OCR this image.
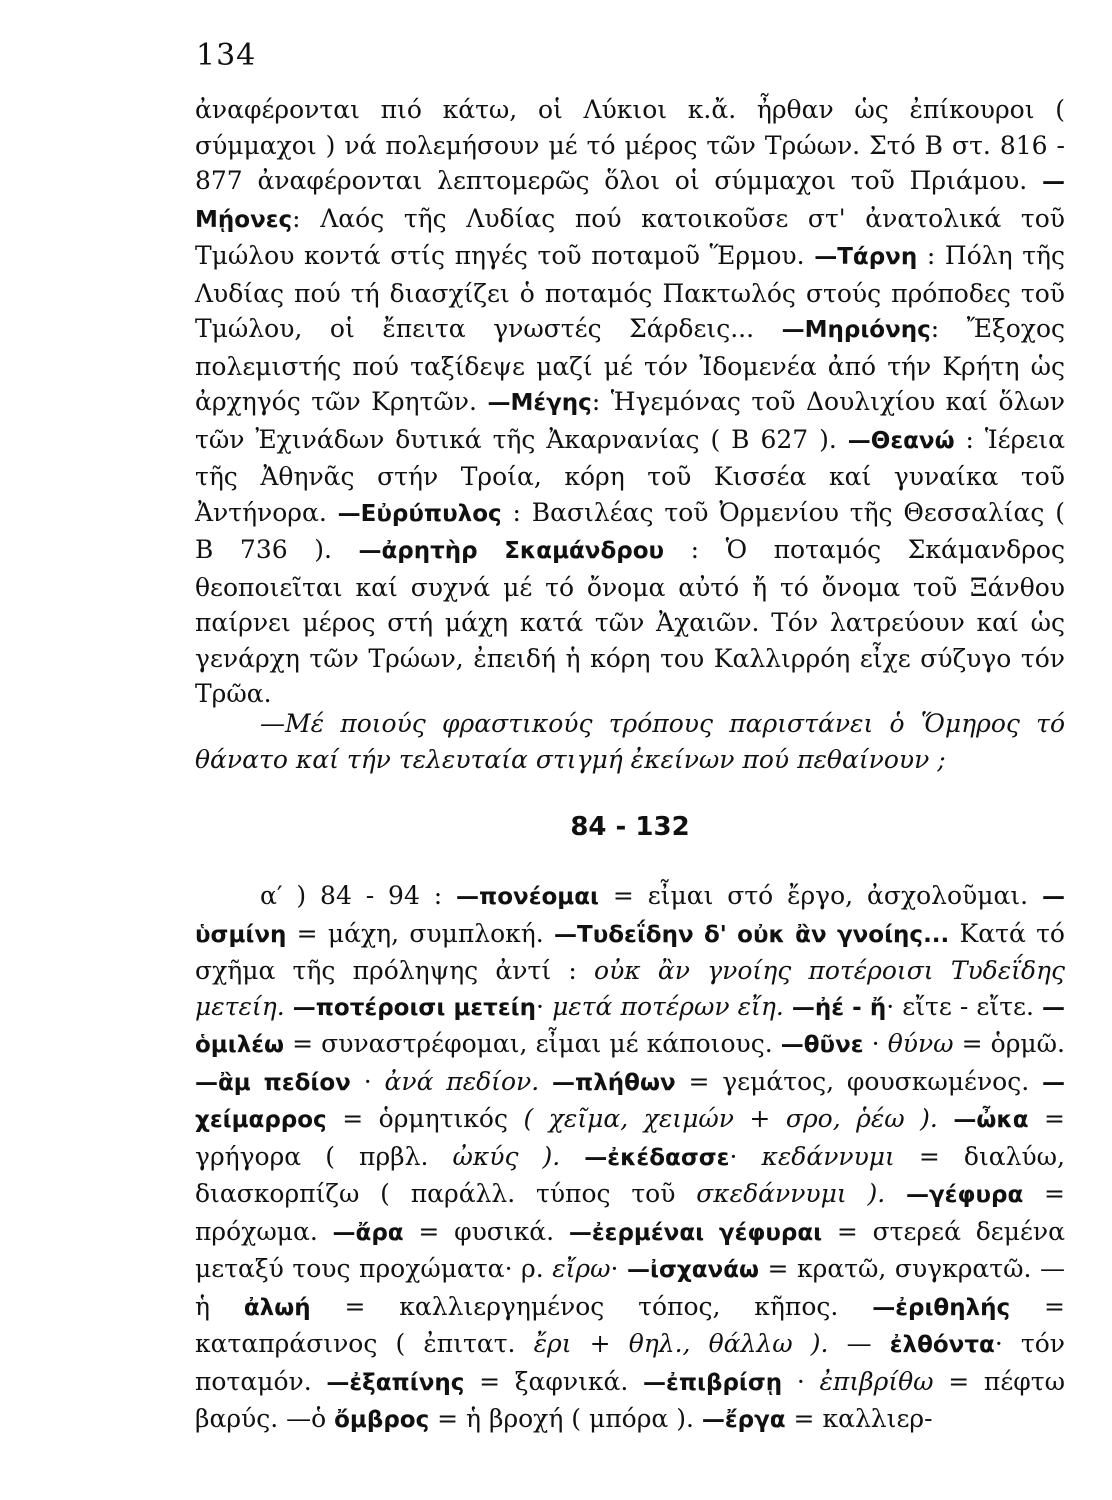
134

ἀναφέρονται πιό κάτω, οἱ Λύκιοι κ.ἄ. ἦρθαν ὡς ἐπίκουροι ( σύμμαχοι ) νά πολεμήσουν μέ τό μέρος τῶν Τρώων. Στό Β στ. 816 - 877 ἀναφέρονται λεπτομερῶς ὅλοι οἱ σύμμαχοι τοῦ Πριάμου. —Μῄονες: Λαός τῆς Λυδίας πού κατοικοῦσε στ' ἀνατολικά τοῦ Τμώλου κοντά στίς πηγές τοῦ ποταμοῦ Ἕρμου. —Τάρνη : Πόλη τῆς Λυδίας πού τή διασχίζει ὁ ποταμός Πακτωλός στούς πρόποδες τοῦ Τμώλου, οἱ ἔπειτα γνωστές Σάρδεις... —Μηριόνης: Ἔξοχος πολεμιστής πού ταξίδεψε μαζί μέ τόν Ἰδομενέα ἀπό τήν Κρήτη ὡς ἀρχηγός τῶν Κρητῶν. —Μέγης: Ἡγεμόνας τοῦ Δουλιχίου καί ὅλων τῶν Ἐχινάδων δυτικά τῆς Ἀκαρνανίας ( Β 627 ). —Θεανώ : Ἱέρεια τῆς Ἀθηνᾶς στήν Τροία, κόρη τοῦ Κισσέα καί γυναίκα τοῦ Ἀντήνορα. —Εὐρύπυλος : Βασιλέας τοῦ Ὀρμενίου τῆς Θεσσαλίας ( Β 736 ). —ἀρητὴρ Σκαμάνδρου : Ὁ ποταμός Σκάμανδρος θεοποιεῖται καί συχνά μέ τό ὄνομα αὐτό ἤ τό ὄνομα τοῦ Ξάνθου παίρνει μέρος στή μάχη κατά τῶν Ἀχαιῶν. Τόν λατρεύουν καί ὡς γενάρχη τῶν Τρώων, ἐπειδή ἡ κόρη του Καλλιρρόη εἶχε σύζυγο τόν Τρῶα.

—Μέ ποιούς φραστικούς τρόπους παριστάνει ὁ Ὅμηρος τό θάνατο καί τήν τελευταία στιγμή ἐκείνων πού πεθαίνουν ;

84 - 132

α′ ) 84 - 94 : —πονέομαι = εἶμαι στό ἔργο, ἀσχολοῦμαι. —ὑσμίνη = μάχη, συμπλοκή. —Τυδεΐδην δ' οὐκ ἂν γνοίης... Κατά τό σχῆμα τῆς πρόληψης ἀντί : οὐκ ἂν γνοίης ποτέροισι Τυδεΐδης μετείη. —ποτέροισι μετείη· μετά ποτέρων εἴη. —ἠέ - ἤ· εἴτε - εἴτε. —ὁμιλέω = συναστρέφομαι, εἶμαι μέ κάποιους. —θῦνε · θύνω = ὁρμῶ. —ἂμ πεδίον · ἀνά πεδίον. —πλήθων = γεμάτος, φουσκωμένος. —χείμαρρος = ὁρμητικός ( χεῖμα, χειμών + σρο, ῥέω ). —ὦκα = γρήγορα ( πρβλ. ὠκύς ). —ἐκέδασσε· κεδάννυμι = διαλύω, διασκορπίζω ( παράλλ. τύπος τοῦ σκεδάννυμι ). —γέφυρα = πρόχωμα. —ἄρα = φυσικά. —ἐερμέναι γέφυραι = στερεά δεμένα μεταξύ τους προχώματα· ρ. εἴρω· —ἰσχανάω = κρατῶ, συγκρατῶ. —ἡ ἀλωή = καλλιεργημένος τόπος, κῆπος. —ἐριθηλής = καταπράσινος ( ἐπιτατ. ἔρι + θηλ., θάλλω ). — ἐλθόντα· τόν ποταμόν. —ἐξαπίνης = ξαφνικά. —ἐπιβρίσῃ · ἐπιβρίθω = πέφτω βαρύς. —ὁ ὄμβρος = ἡ βροχή ( μπόρα ). —ἔργα = καλλιερ-
